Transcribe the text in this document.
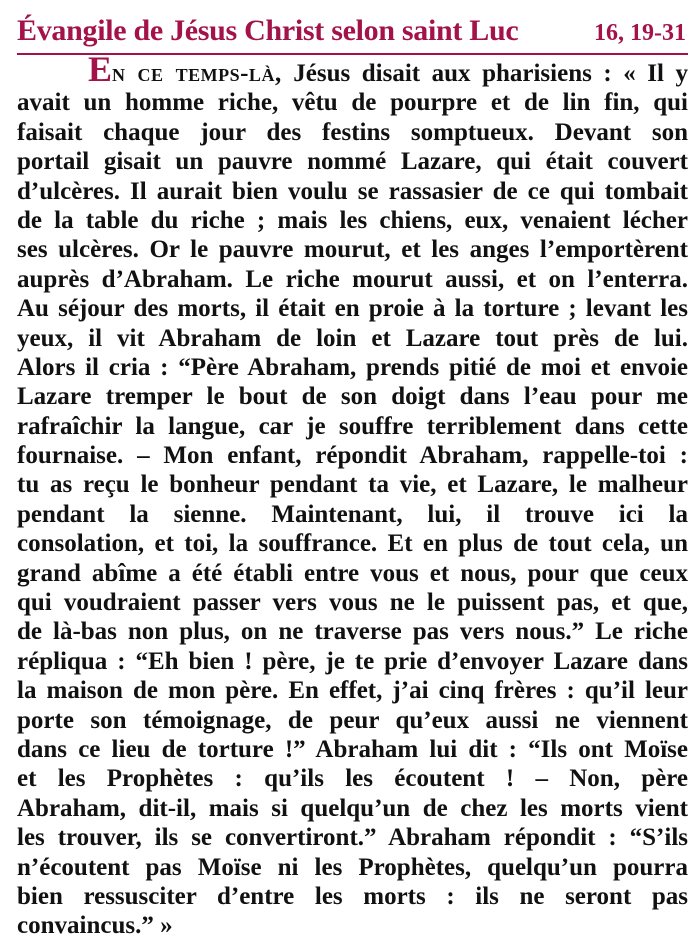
Évangile de Jésus Christ selon saint Luc	16, 19-31
En ce temps-là, Jésus disait aux pharisiens : « Il y
avait un homme riche, vêtu de pourpre et de lin fin, qui
faisait chaque jour des festins somptueux. Devant son
portail gisait un pauvre nommé Lazare, qui était couvert
d’ulcères. Il aurait bien voulu se rassasier de ce qui tombait
de la table du riche ; mais les chiens, eux, venaient lécher
ses ulcères. Or le pauvre mourut, et les anges l’emportèrent
auprès d’Abraham. Le riche mourut aussi, et on l’enterra.
Au séjour des morts, il était en proie à la torture ; levant les
yeux, il vit Abraham de loin et Lazare tout près de lui.
Alors il cria : “Père Abraham, prends pitié de moi et envoie
Lazare tremper le bout de son doigt dans l’eau pour me
rafraîchir la langue, car je souffre terriblement dans cette
fournaise. – Mon enfant, répondit Abraham, rappelle-toi :
tu as reçu le bonheur pendant ta vie, et Lazare, le malheur
pendant la sienne. Maintenant, lui, il trouve ici la
consolation, et toi, la souffrance. Et en plus de tout cela, un
grand abîme a été établi entre vous et nous, pour que ceux
qui voudraient passer vers vous ne le puissent pas, et que,
de là-bas non plus, on ne traverse pas vers nous.” Le riche
répliqua : “Eh bien ! père, je te prie d’envoyer Lazare dans
la maison de mon père. En effet, j’ai cinq frères : qu’il leur
porte son témoignage, de peur qu’eux aussi ne viennent
dans ce lieu de torture !” Abraham lui dit : “Ils ont Moïse
et les Prophètes : qu’ils les écoutent ! – Non, père
Abraham, dit-il, mais si quelqu’un de chez les morts vient
les trouver, ils se convertiront.” Abraham répondit : “S’ils
n’écoutent pas Moïse ni les Prophètes, quelqu’un pourra
bien ressusciter d’entre les morts : ils ne seront pas
convaincus.” »
